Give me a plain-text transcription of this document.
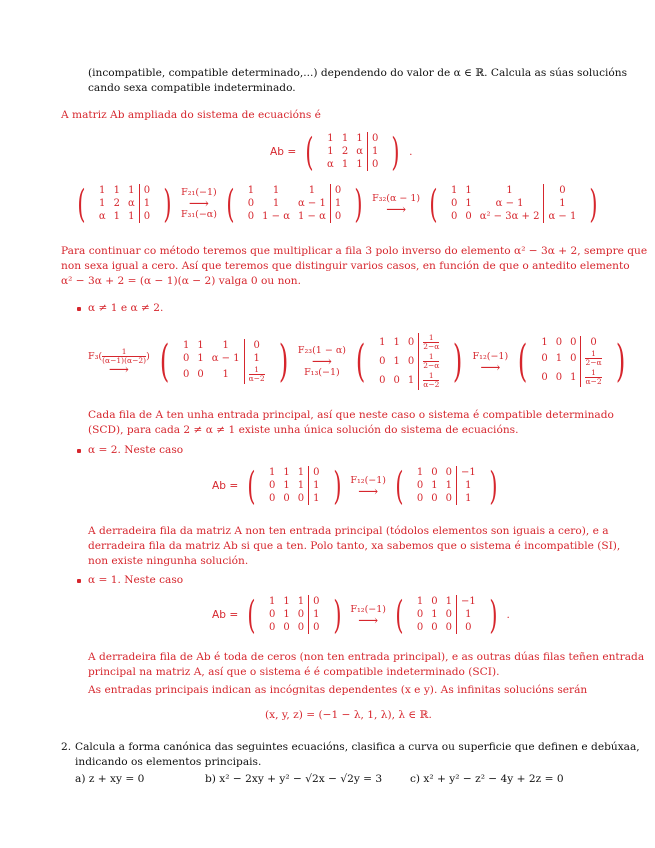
(incompatible, compatible determinado,...) dependendo do valor de α ∈ ℝ. Calcula as súas solucións
cando sexa compatible indeterminado.
A matriz Ab ampliada do sistema de ecuacións é
Ab = ( 1	1	1	0
1	2	α	1
α	1	1	0 ) .
( 1	1	1	0
1	2	α	1
α	1	1	0 ) F₂₁(−1)
⟶
F₃₁(−α) ( 1	1	1	0
0	1	α − 1	1
0	1 − α	1 − α	0 ) F₃₂(α − 1)
⟶ ( 1	1	1	0
0	1	α − 1	1
0	0	α² − 3α + 2	α − 1 )
Para continuar co método teremos que multiplicar a fila 3 polo inverso do elemento α² − 3α + 2, sempre que
non sexa igual a cero. Así que teremos que distinguir varios casos, en función de que o antedito elemento
α² − 3α + 2 = (α − 1)(α − 2) valga 0 ou non.
α ≠ 1 e α ≠ 2.
$F_3( \frac{1}{(\alpha-1)(\alpha-2)}$ )
⟶ ( 1	1	1	0
0	1	α − 1	1
0	0	1	$\frac{1}{\alpha-2}$ ) F₂₃(1 − α)
⟶
F₁₃(−1) ( 1	1	0	$\frac{1}{2-\alpha}$

0	1	0	$\frac{1}{2-\alpha}$

0	0	1	$\frac{1}{\alpha-2}$ ) F₁₂(−1)
⟶ ( 1	0	0	0
0	1	0	$\frac{1}{2-\alpha}$

0	0	1	$\frac{1}{\alpha-2}$ )
Cada fila de A ten unha entrada principal, así que neste caso o sistema é compatible determinado
(SCD), para cada 2 ≠ α ≠ 1 existe unha única solución do sistema de ecuacións.
α = 2. Neste caso
Ab = ( 1	1	1	0
0	1	1	1
0	0	0	1 ) F₁₂(−1)
⟶ ( 1	0	0	−1
0	1	1	1
0	0	0	1 )
A derradeira fila da matriz A non ten entrada principal (tódolos elementos son iguais a cero), e a
derradeira fila da matriz Ab si que a ten. Polo tanto, xa sabemos que o sistema é incompatible (SI),
non existe ningunha solución.
α = 1. Neste caso
Ab = ( 1	1	1	0
0	1	0	1
0	0	0	0 ) F₁₂(−1)
⟶ ( 1	0	1	−1
0	1	0	1
0	0	0	0 ) .
A derradeira fila de Ab é toda de ceros (non ten entrada principal), e as outras dúas filas teñen entrada
principal na matriz A, así que o sistema é é compatible indeterminado (SCI).
As entradas principais indican as incógnitas dependentes (x e y). As infinitas solucións serán
(x, y, z) = (−1 − λ, 1, λ), λ ∈ ℝ.
2. Calcula a forma canónica das seguintes ecuacións, clasifica a curva ou superficie que definen e debúxaa,
indicando os elementos principais.
a) z + xy = 0	b) x² − 2xy + y² − √2x − √2y = 3	c) x² + y² − z² − 4y + 2z = 0
